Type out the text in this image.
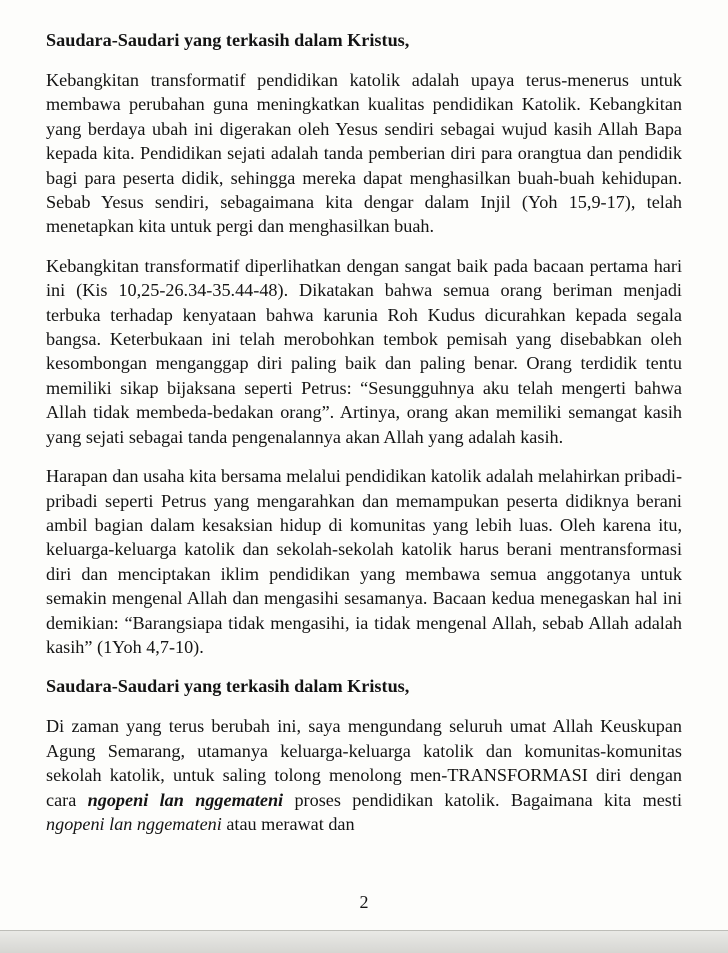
Saudara-Saudari yang terkasih dalam Kristus,

Kebangkitan transformatif pendidikan katolik adalah upaya terus-menerus untuk membawa perubahan guna meningkatkan kualitas pendidikan Katolik. Kebangkitan yang berdaya ubah ini digerakan oleh Yesus sendiri sebagai wujud kasih Allah Bapa kepada kita. Pendidikan sejati adalah tanda pemberian diri para orangtua dan pendidik bagi para peserta didik, sehingga mereka dapat menghasilkan buah-buah kehidupan. Sebab Yesus sendiri, sebagaimana kita dengar dalam Injil (Yoh 15,9-17), telah menetapkan kita untuk pergi dan menghasilkan buah.

Kebangkitan transformatif diperlihatkan dengan sangat baik pada bacaan pertama hari ini (Kis 10,25-26.34-35.44-48). Dikatakan bahwa semua orang beriman menjadi terbuka terhadap kenyataan bahwa karunia Roh Kudus dicurahkan kepada segala bangsa. Keterbukaan ini telah merobohkan tembok pemisah yang disebabkan oleh kesombongan menganggap diri paling baik dan paling benar. Orang terdidik tentu memiliki sikap bijaksana seperti Petrus: “Sesungguhnya aku telah mengerti bahwa Allah tidak membeda-bedakan orang”. Artinya, orang akan memiliki semangat kasih yang sejati sebagai tanda pengenalannya akan Allah yang adalah kasih.

Harapan dan usaha kita bersama melalui pendidikan katolik adalah melahirkan pribadi-pribadi seperti Petrus yang mengarahkan dan memampukan peserta didiknya berani ambil bagian dalam kesaksian hidup di komunitas yang lebih luas. Oleh karena itu, keluarga-keluarga katolik dan sekolah-sekolah katolik harus berani mentransformasi diri dan menciptakan iklim pendidikan yang membawa semua anggotanya untuk semakin mengenal Allah dan mengasihi sesamanya. Bacaan kedua menegaskan hal ini demikian: “Barangsiapa tidak mengasihi, ia tidak mengenal Allah, sebab Allah adalah kasih” (1Yoh 4,7-10).

Saudara-Saudari yang terkasih dalam Kristus,

Di zaman yang terus berubah ini, saya mengundang seluruh umat Allah Keuskupan Agung Semarang, utamanya keluarga-keluarga katolik dan komunitas-komunitas sekolah katolik, untuk saling tolong menolong men-TRANSFORMASI diri dengan cara ngopeni lan nggemateni proses pendidikan katolik. Bagaimana kita mesti ngopeni lan nggemateni atau merawat dan

2
